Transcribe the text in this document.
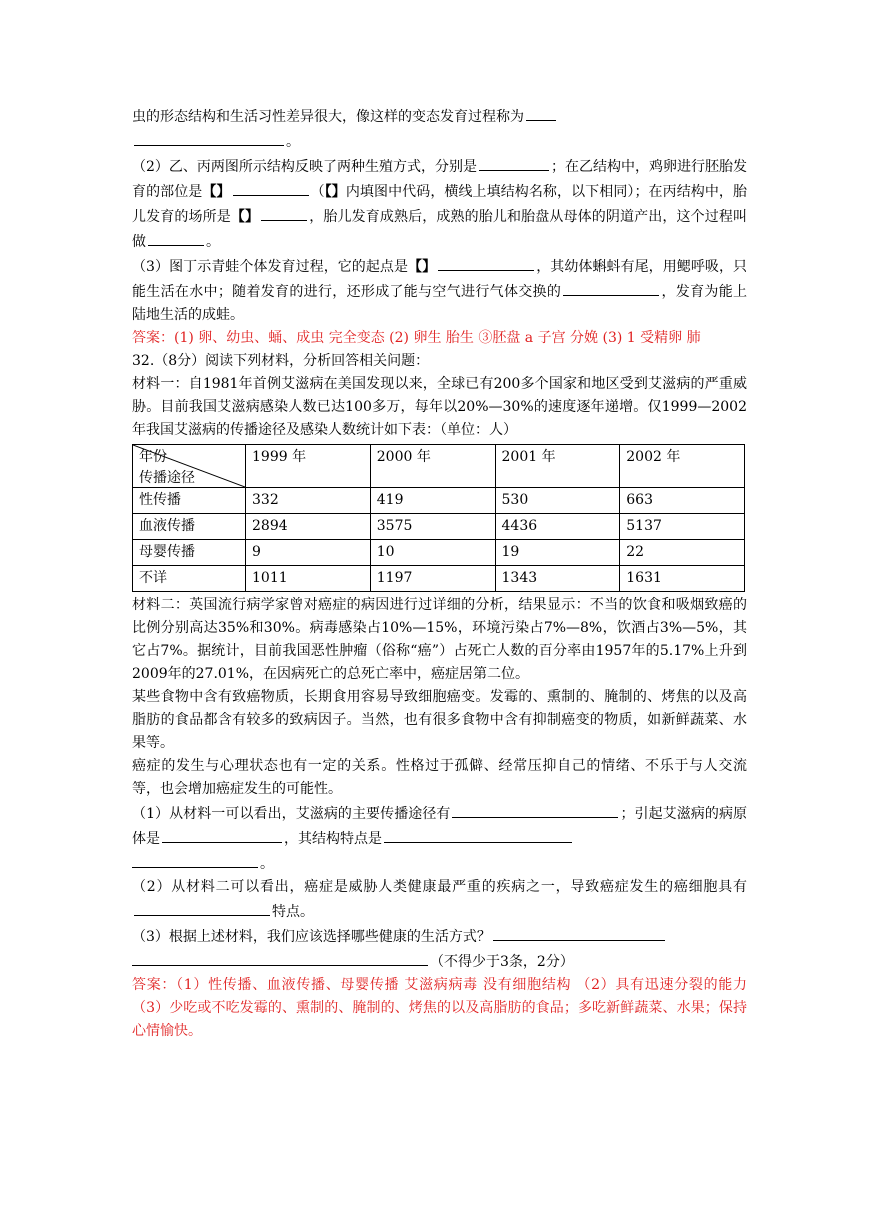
虫的形态结构和生活习性差异很大，像这样的变态发育过程称为

。

（2）乙、丙两图所示结构反映了两种生殖方式，分别是	；在乙结构中，鸡卵进行胚胎发育的部位是【】	（【】内填图中代码，横线上填结构名称，以下相同）；在丙结构中，胎儿发育的场所是【】	，胎儿发育成熟后，成熟的胎儿和胎盘从母体的阴道产出，这个过程叫做	。

（3）图丁示青蛙个体发育过程，它的起点是【】	，其幼体蝌蚪有尾，用鳃呼吸，只能生活在水中；随着发育的进行，还形成了能与空气进行气体交换的	，发育为能上陆地生活的成蛙。

答案：(1) 卵、幼虫、蛹、成虫 完全变态 (2) 卵生 胎生 ③胚盘 a 子宫 分娩 (3) 1 受精卵 肺

32.（8分）阅读下列材料，分析回答相关问题：

材料一：自1981年首例艾滋病在美国发现以来，全球已有200多个国家和地区受到艾滋病的严重威胁。目前我国艾滋病感染人数已达100多万，每年以20%—30%的速度逐年递增。仅1999—2002年我国艾滋病的传播途径及感染人数统计如下表：（单位：人）

年份
传播途径	1999 年	2000 年	2001 年	2002 年
性传播	332	419	530	663
血液传播	2894	3575	4436	5137
母婴传播	9	10	19	22
不详	1011	1197	1343	1631

材料二：英国流行病学家曾对癌症的病因进行过详细的分析，结果显示：不当的饮食和吸烟致癌的比例分别高达35%和30%。病毒感染占10%—15%，环境污染占7%—8%，饮酒占3%—5%，其它占7%。据统计，目前我国恶性肿瘤（俗称“癌”）占死亡人数的百分率由1957年的5.17%上升到2009年的27.01%，在因病死亡的总死亡率中，癌症居第二位。

某些食物中含有致癌物质，长期食用容易导致细胞癌变。发霉的、熏制的、腌制的、烤焦的以及高脂肪的食品都含有较多的致病因子。当然，也有很多食物中含有抑制癌变的物质，如新鲜蔬菜、水果等。

癌症的发生与心理状态也有一定的关系。性格过于孤僻、经常压抑自己的情绪、不乐于与人交流等，也会增加癌症发生的可能性。

（1）从材料一可以看出，艾滋病的主要传播途径有	；引起艾滋病的病原体是	，其结构特点是
。

（2）从材料二可以看出，癌症是威胁人类健康最严重的疾病之一，导致癌症发生的癌细胞具有特点。

（3）根据上述材料，我们应该选择哪些健康的生活方式？
（不得少于3条，2分）

答案：（1）性传播、血液传播、母婴传播 艾滋病病毒 没有细胞结构 （2）具有迅速分裂的能力 （3）少吃或不吃发霉的、熏制的、腌制的、烤焦的以及高脂肪的食品；多吃新鲜蔬菜、水果；保持心情愉快。
